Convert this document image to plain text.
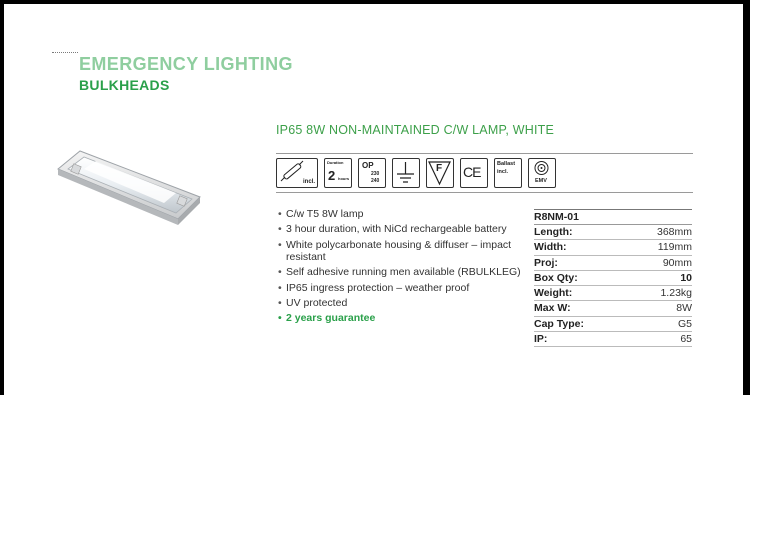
EMERGENCY LIGHTING
BULKHEADS
IP65 8W NON-MAINTAINED C/W LAMP, WHITE
incl.
Duration
2 hours
OP
230
240
F CE	Ballast
incl.
EMV
• C/w T5 8W lamp
• 3 hour duration, with NiCd rechargeable battery
• White polycarbonate housing & diffuser – impact resistant
• Self adhesive running men available (RBULKLEG)
• IP65 ingress protection – weather proof
• UV protected
• 2 years guarantee
R8NM-01
Length:	368mm
Width:	119mm
Proj:	90mm
Box Qty:	10
Weight:	1.23kg
Max W:	8W
Cap Type:	G5
IP:	65
